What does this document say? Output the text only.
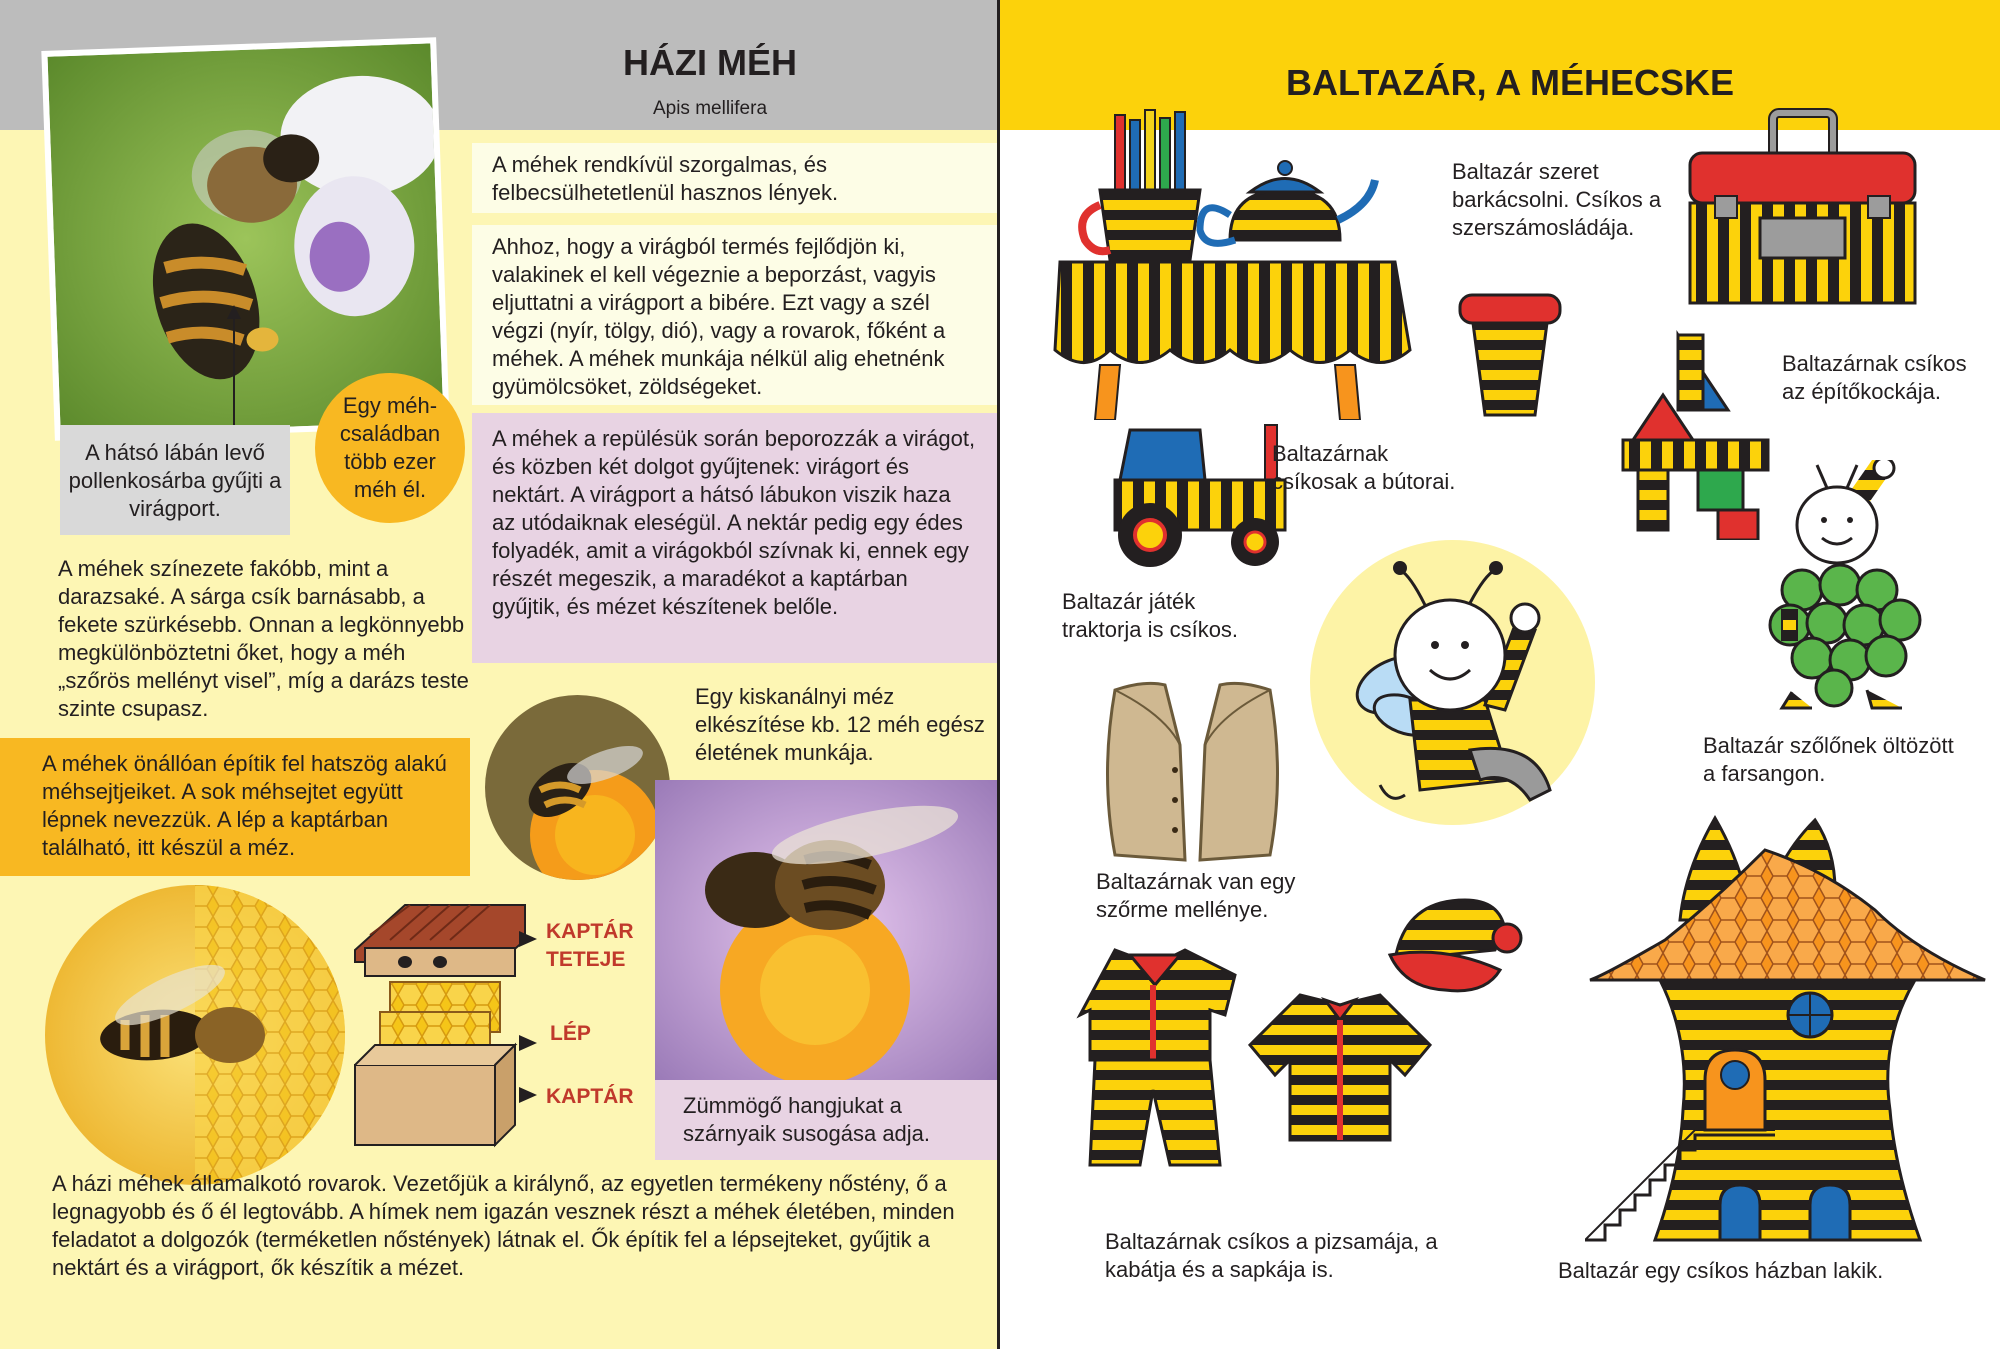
HÁZI MÉH
Apis mellifera
A hátsó lábán levő pollenkosárba gyűjti a virágport.
Egy méh-családban több ezer méh él.
A méhek rendkívül szorgalmas, és felbecsülhetetlenül hasznos lények.
Ahhoz, hogy a virágból termés fejlődjön ki, valakinek el kell végeznie a beporzást, vagyis eljuttatni a virágport a bibére. Ezt vagy a szél végzi (nyír, tölgy, dió), vagy a rovarok, főként a méhek. A méhek munkája nélkül alig ehetnénk gyümölcsöket, zöldségeket.
A méhek a repülésük során beporozzák a virágot, és közben két dolgot gyűjtenek: virágort és nektárt. A virágport a hátsó lábukon viszik haza az utódaiknak eleségül. A nektár pedig egy édes folyadék, amit a virágokból szívnak ki, ennek egy részét megeszik, a maradékot a kaptárban gyűjtik, és mézet készítenek belőle.
A méhek színezete fakóbb, mint a darazsaké. A sárga csík barnásabb, a fekete szürkésebb. Onnan a legkönnyebb megkülönböztetni őket, hogy a méh „szőrös mellényt visel”, míg a darázs teste szinte csupasz.
A méhek önállóan építik fel hatszög alakú méhsejtjeiket. A sok méhsejtet együtt lépnek nevezzük. A lép a kaptárban található, itt készül a méz.
Egy kiskanálnyi méz elkészítése kb. 12 méh egész életének munkája.
KAPTÁR TETEJE
LÉP
KAPTÁR	Zümmögő hangjukat a szárnyaik susogása adja.
A házi méhek államalkotó rovarok. Vezetőjük a királynő, az egyetlen termékeny nőstény, ő a legnagyobb és ő él legtovább. A hímek nem igazán vesznek részt a méhek életében, minden feladatot a dolgozók (terméketlen nőstények) látnak el. Ők építik fel a lépsejteket, gyűjtik a nektárt és a virágport, ők készítik a mézet.
BALTAZÁR, A MÉHECSKE
Baltazár szeret barkácsolni. Csíkos a szerszámosládája.
Baltazárnak csíkosak a bútorai.
Baltazárnak csíkos az építőkockája.
Baltazár játék traktorja is csíkos.
Baltazár szőlőnek öltözött a farsangon.
Baltazárnak van egy szőrme mellénye.
Baltazárnak csíkos a pizsamája, a kabátja és a sapkája is.	Baltazár egy csíkos házban lakik.
